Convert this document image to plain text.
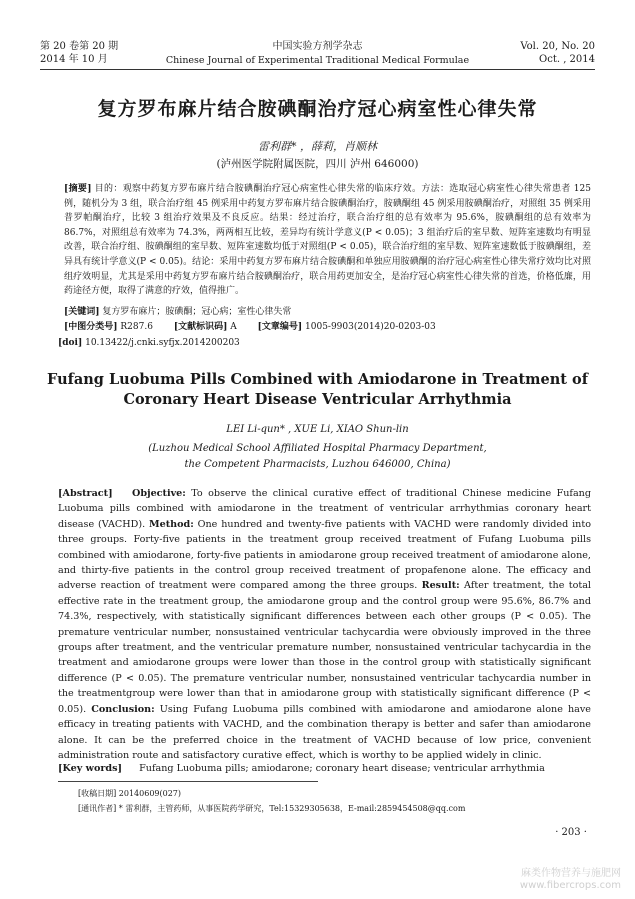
第 20 卷第 20 期
2014 年 10 月
中国实验方剂学杂志
Chinese Journal of Experimental Traditional Medical Formulae
Vol. 20, No. 20
Oct. , 2014
复方罗布麻片结合胺碘酮治疗冠心病室性心律失常
雷利群* ，薛莉，肖顺林
(泸州医学院附属医院，四川 泸州 646000)
[摘要] 目的：观察中药复方罗布麻片结合胺碘酮治疗冠心病室性心律失常的临床疗效。方法：选取冠心病室性心律失常患者 125 例，随机分为 3 组，联合治疗组 45 例采用中药复方罗布麻片结合胺碘酮治疗，胺碘酮组 45 例采用胺碘酮治疗，对照组 35 例采用普罗帕酮治疗，比较 3 组治疗效果及不良反应。结果：经过治疗，联合治疗组的总有效率为 95.6%，胺碘酮组的总有效率为 86.7%，对照组总有效率为 74.3%，两两相互比较，差异均有统计学意义(P < 0.05)；3 组治疗后的室早数、短阵室速数均有明显改善，联合治疗组、胺碘酮组的室早数、短阵室速数均低于对照组(P < 0.05)，联合治疗组的室早数、短阵室速数低于胺碘酮组，差异具有统计学意义(P < 0.05)。结论：采用中药复方罗布麻片结合胺碘酮和单独应用胺碘酮的治疗冠心病室性心律失常疗效均比对照组疗效明显，尤其是采用中药复方罗布麻片结合胺碘酮治疗，联合用药更加安全，是治疗冠心病室性心律失常的首选，价格低廉，用药途径方便，取得了满意的疗效，值得推广。
[关键词] 复方罗布麻片；胺碘酮；冠心病；室性心律失常
[中图分类号] R287.6 [文献标识码] A [文章编号] 1005-9903(2014)20-0203-03
[doi] 10.13422/j.cnki.syfjx.2014200203
Fufang Luobuma Pills Combined with Amiodarone in Treatment of Coronary Heart Disease Ventricular Arrhythmia
LEI Li-qun* , XUE Li, XIAO Shun-lin
(Luzhou Medical School Affiliated Hospital Pharmacy Department,
the Competent Pharmacists, Luzhou 646000, China)
[Abstract] Objective: To observe the clinical curative effect of traditional Chinese medicine Fufang Luobuma pills combined with amiodarone in the treatment of ventricular arrhythmias coronary heart disease (VACHD). Method: One hundred and twenty-five patients with VACHD were randomly divided into three groups. Forty-five patients in the treatment group received treatment of Fufang Luobuma pills combined with amiodarone, forty-five patients in amiodarone group received treatment of amiodarone alone, and thirty-five patients in the control group received treatment of propafenone alone. The efficacy and adverse reaction of treatment were compared among the three groups. Result: After treatment, the total effective rate in the treatment group, the amiodarone group and the control group were 95.6%, 86.7% and 74.3%, respectively, with statistically significant differences between each other groups (P < 0.05). The premature ventricular number, nonsustained ventricular tachycardia were obviously improved in the three groups after treatment, and the ventricular premature number, nonsustained ventricular tachycardia in the treatment and amiodarone groups were lower than those in the control group with statistically significant difference (P < 0.05). The premature ventricular number, nonsustained ventricular tachycardia number in the treatmentgroup were lower than that in amiodarone group with statistically significant difference (P < 0.05). Conclusion: Using Fufang Luobuma pills combined with amiodarone and amiodarone alone have efficacy in treating patients with VACHD, and the combination therapy is better and safer than amiodarone alone. It can be the preferred choice in the treatment of VACHD because of low price, convenient administration route and satisfactory curative effect, which is worthy to be applied widely in clinic.
[Key words] Fufang Luobuma pills; amiodarone; coronary heart disease; ventricular arrhythmia
[收稿日期] 20140609(027)
[通讯作者] * 雷利群，主管药师，从事医院药学研究，Tel:15329305638，E-mail:2859454508@qq.com
· 203 ·
麻类作物营养与施肥网
www.fibercrops.com
